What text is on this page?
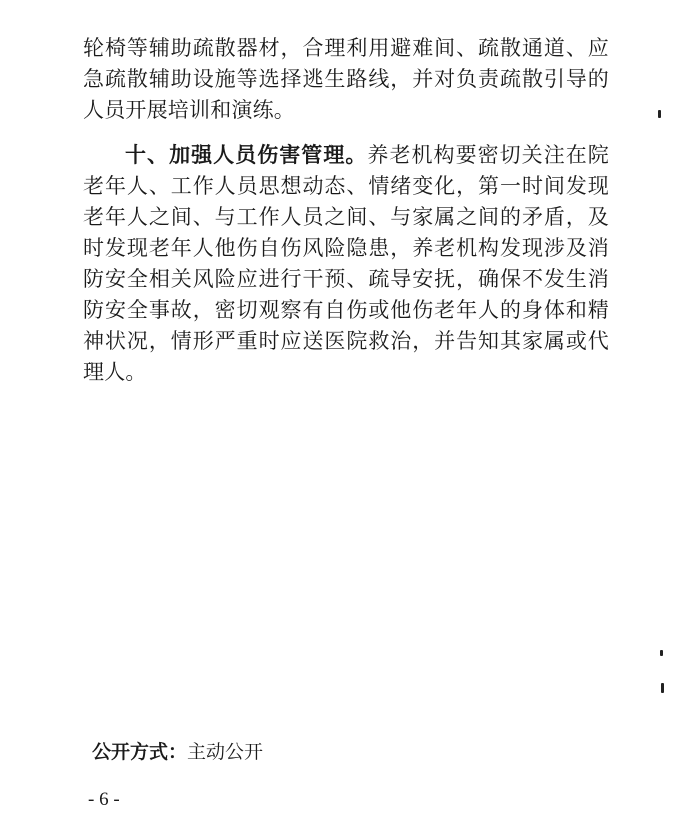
轮椅等辅助疏散器材，合理利用避难间、疏散通道、应急疏散辅助设施等选择逃生路线，并对负责疏散引导的人员开展培训和演练。

十、加强人员伤害管理。养老机构要密切关注在院老年人、工作人员思想动态、情绪变化，第一时间发现老年人之间、与工作人员之间、与家属之间的矛盾，及时发现老年人他伤自伤风险隐患，养老机构发现涉及消防安全相关风险应进行干预、疏导安抚，确保不发生消防安全事故，密切观察有自伤或他伤老年人的身体和精神状况，情形严重时应送医院救治，并告知其家属或代理人。

公开方式：主动公开
- 6 -
